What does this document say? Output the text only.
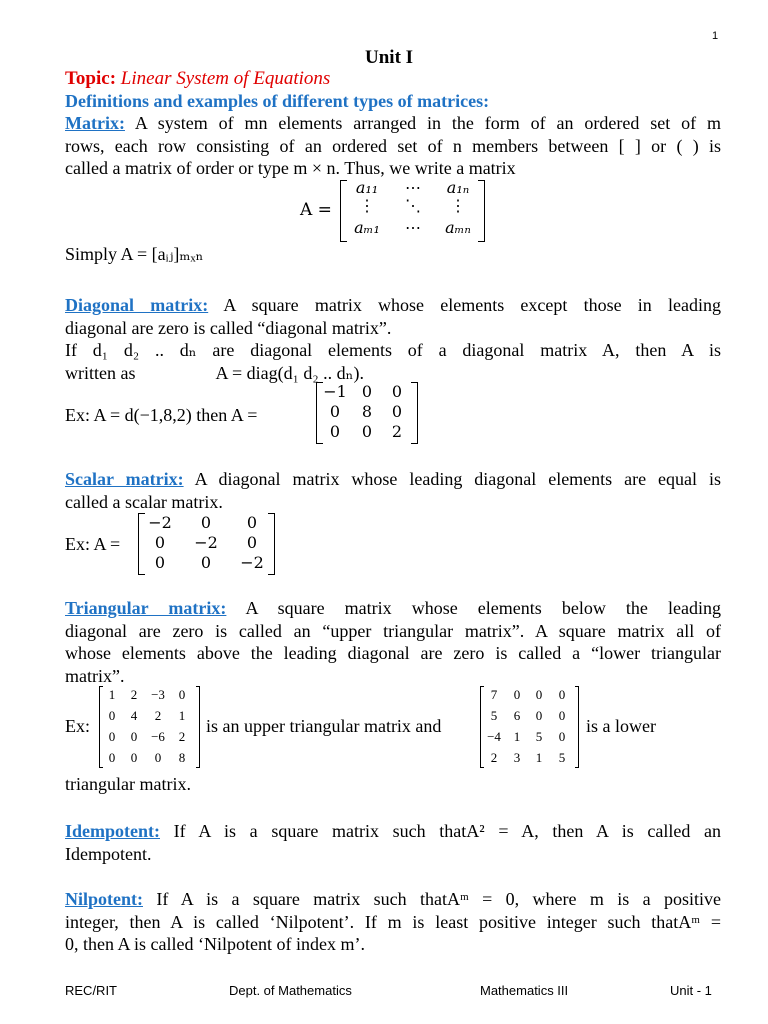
1
Unit I
Topic: Linear System of Equations
Definitions and examples of different types of matrices:
Matrix: A system of mn elements arranged in the form of an ordered set of m
rows, each row consisting of an ordered set of n members between [ ] or ( ) is
called a matrix of order or type m × n. Thus, we write a matrix
A =
a₁₁	⋯	a₁ₙ
⋮	⋱	⋮
aₘ₁	⋯	aₘₙ
Simply A = [aᵢⱼ]ₘₓₙ
Diagonal matrix: A square matrix whose elements except those in leading
diagonal are zero is called “diagonal matrix”.
If d₁ d₂ .. dₙ are diagonal elements of a diagonal matrix A, then A is
written as	A = diag(d₁ d₂ .. dₙ).
Ex: A = d(−1,8,2) then A =
−1 0	0
0	8	0
0	0	2
Scalar matrix: A diagonal matrix whose leading diagonal elements are equal is
called a scalar matrix.
Ex: A =
−2	0	0
0	−2	0
0	0	−2
Triangular matrix: A square matrix whose elements below the leading
diagonal are zero is called an “upper triangular matrix”. A square matrix all of
whose elements above the leading diagonal are zero is called a “lower triangular
matrix”.
Ex:
1	2	−3	0
0	4	2	1
0	0	−6	2
0	0	0	8
is an upper triangular matrix and
7	0	0	0
5	6	0	0
−4 1	5	0
2	3	1	5
is a lower
triangular matrix.
Idempotent: If A is a square matrix such thatA² = A, then A is called an
Idempotent.
Nilpotent: If A is a square matrix such thatAᵐ = 0, where m is a positive
integer, then A is called ‘Nilpotent’. If m is least positive integer such thatAᵐ =
0, then A is called ‘Nilpotent of index m’.
REC/RIT	Dept. of Mathematics	Mathematics III	Unit - 1
